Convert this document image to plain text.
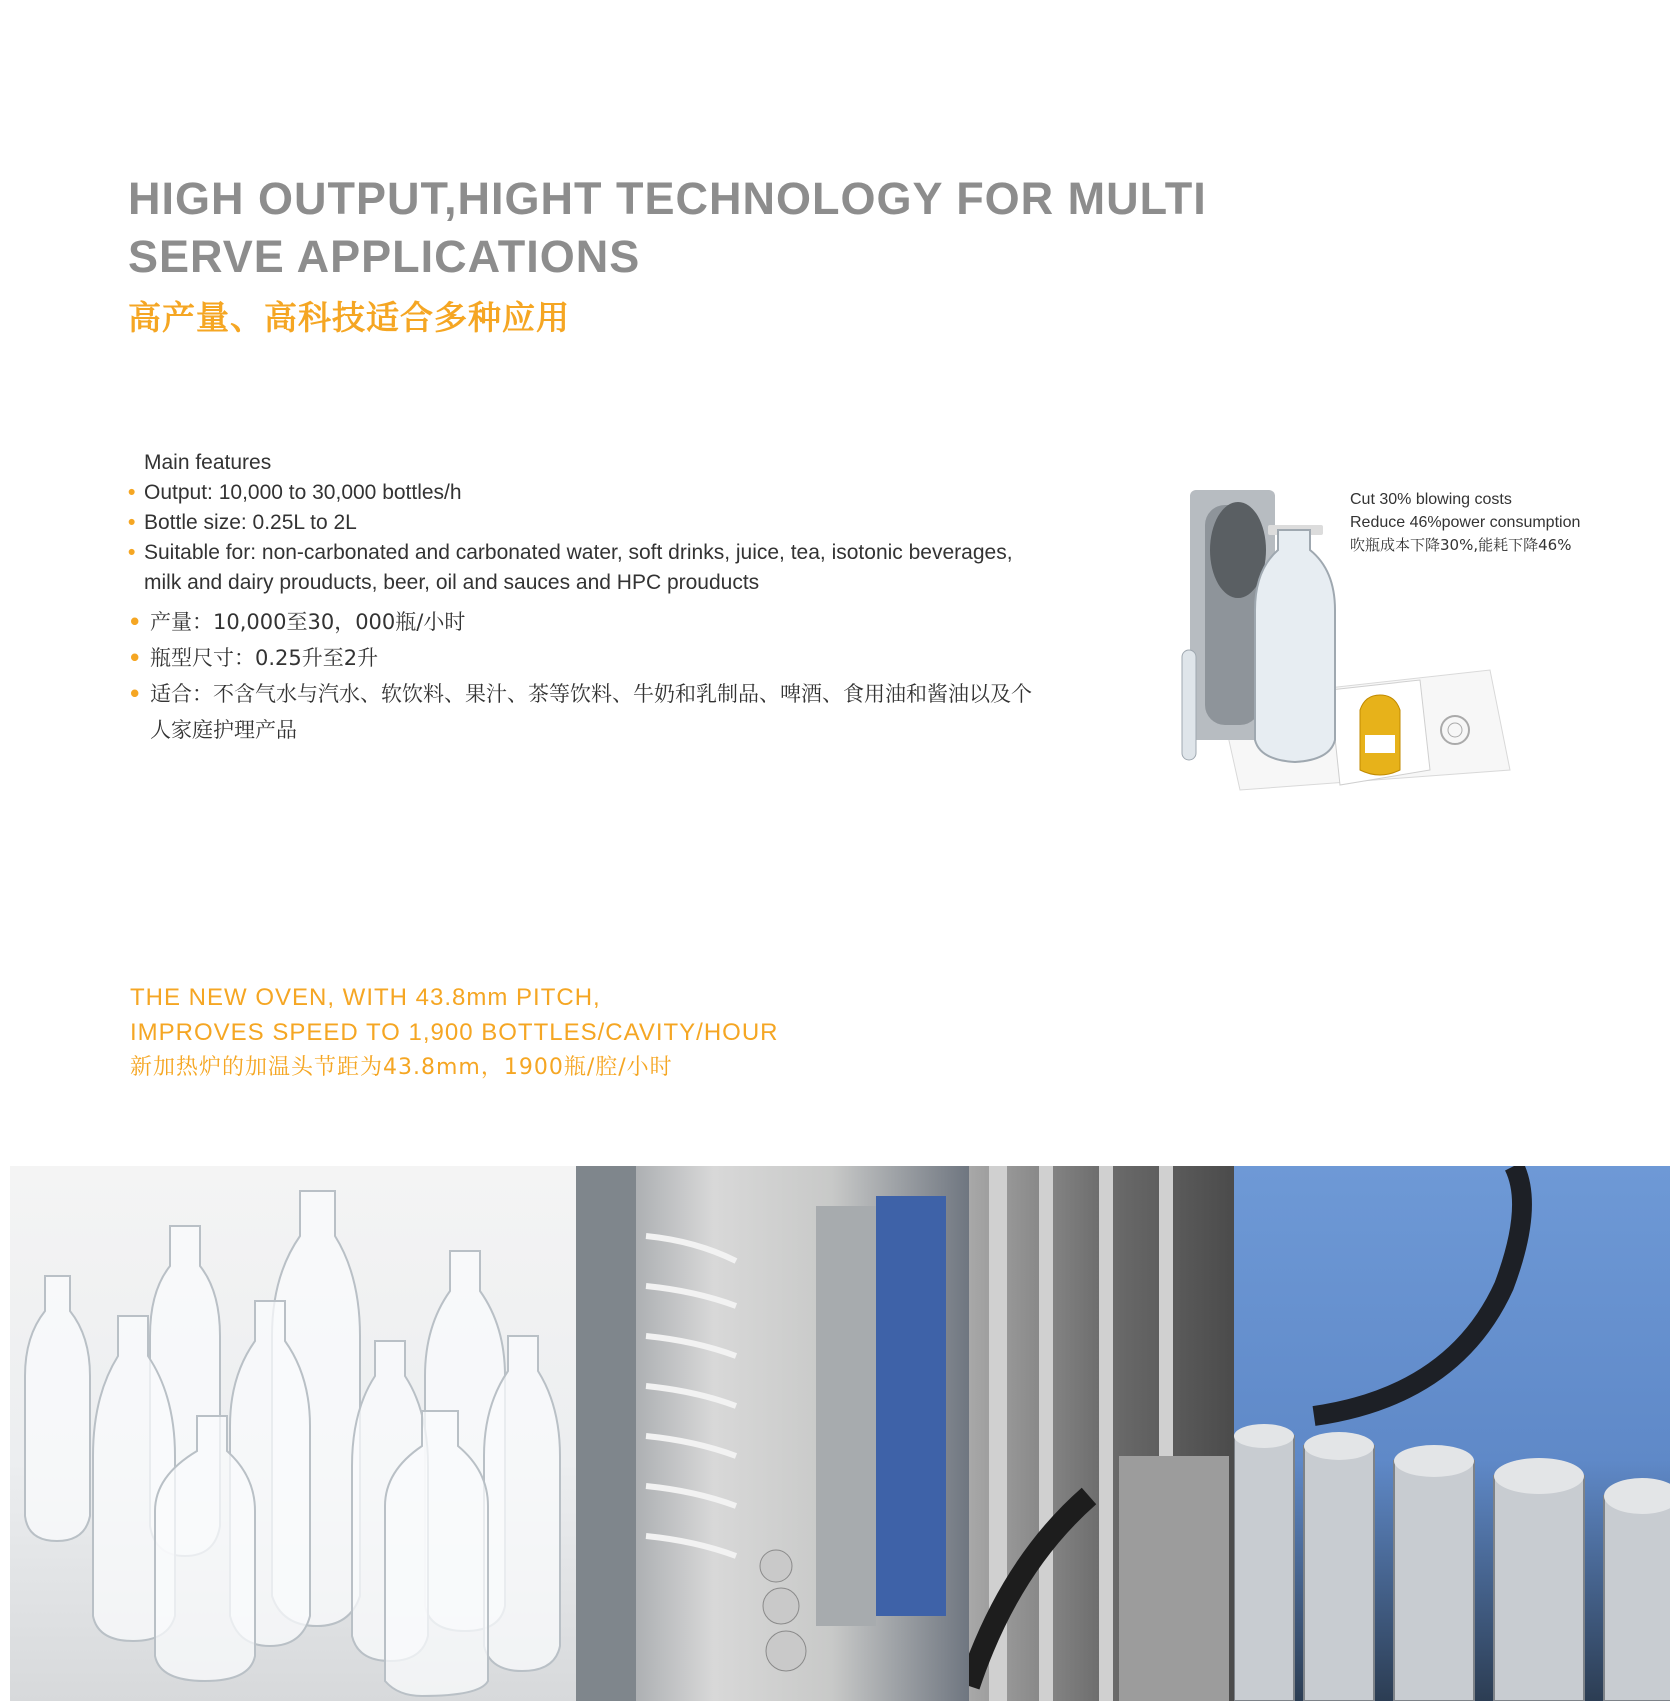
HIGH OUTPUT,HIGHT TECHNOLOGY FOR MULTI
SERVE APPLICATIONS
高产量、高科技适合多种应用
Main features
• Output: 10,000 to 30,000 bottles/h
• Bottle size: 0.25L to 2L
• Suitable for: non-carbonated and carbonated water, soft drinks, juice, tea, isotonic beverages, milk and dairy prouducts, beer, oil and sauces and HPC prouducts
• 产量：10,000至30，000瓶/小时
• 瓶型尺寸：0.25升至2升
• 适合：不含气水与汽水、软饮料、果汁、茶等饮料、牛奶和乳制品、啤酒、食用油和酱油以及个人家庭护理产品
Cut 30% blowing costs
Reduce 46%power consumption
吹瓶成本下降30%,能耗下降46%
THE NEW OVEN, WITH 43.8mm PITCH,
IMPROVES SPEED TO 1,900 BOTTLES/CAVITY/HOUR
新加热炉的加温头节距为43.8mm，1900瓶/腔/小时
